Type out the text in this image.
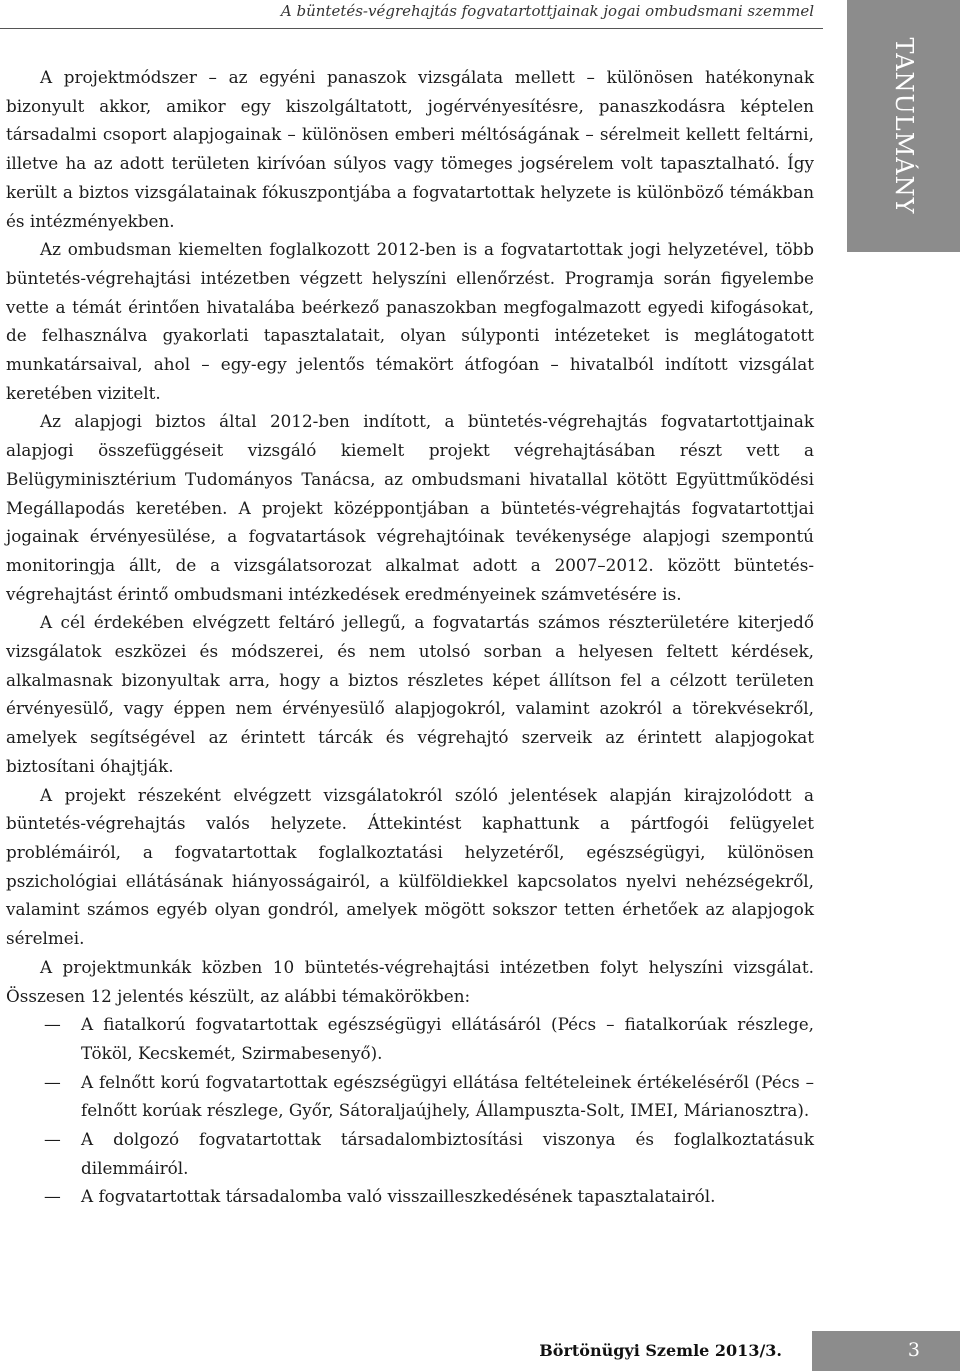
A büntetés-végrehajtás fogvatartottjainak jogai ombudsmani szemmel
TANULMÁNY

A projektmódszer – az egyéni panaszok vizsgálata mellett – különösen hatékonynak bizonyult akkor, amikor egy kiszolgáltatott, jogérvényesítésre, panaszkodásra képtelen társadalmi csoport alapjogainak – különösen emberi méltóságának – sérelmeit kellett feltárni, illetve ha az adott területen kirívóan súlyos vagy tömeges jogsérelem volt tapasztalható. Így került a biztos vizsgálatainak fókuszpontjába a fogvatartottak helyzete is különböző témákban és intézményekben.

Az ombudsman kiemelten foglalkozott 2012-ben is a fogvatartottak jogi helyzetével, több büntetés-végrehajtási intézetben végzett helyszíni ellenőrzést. Programja során figyelembe vette a témát érintően hivatalába beérkező panaszokban megfogalmazott egyedi kifogásokat, de felhasználva gyakorlati tapasztalatait, olyan súlyponti intézeteket is meglátogatott munkatársaival, ahol – egy-egy jelentős témakört átfogóan – hivatalból indított vizsgálat keretében vizitelt.

Az alapjogi biztos által 2012-ben indított, a büntetés-végrehajtás fogvatartottjainak alapjogi összefüggéseit vizsgáló kiemelt projekt végrehajtásában részt vett a Belügyminisztérium Tudományos Tanácsa, az ombudsmani hivatallal kötött Együttműködési Megállapodás keretében. A projekt középpontjában a büntetés-végrehajtás fogvatartottjai jogainak érvényesülése, a fogvatartások végrehajtóinak tevékenysége alapjogi szempontú monitoringja állt, de a vizsgálatsorozat alkalmat adott a 2007–2012. között büntetés-végrehajtást érintő ombudsmani intézkedések eredményeinek számvetésére is.

A cél érdekében elvégzett feltáró jellegű, a fogvatartás számos részterületére kiterjedő vizsgálatok eszközei és módszerei, és nem utolsó sorban a helyesen feltett kérdések, alkalmasnak bizonyultak arra, hogy a biztos részletes képet állítson fel a célzott területen érvényesülő, vagy éppen nem érvényesülő alapjogokról, valamint azokról a törekvésekről, amelyek segítségével az érintett tárcák és végrehajtó szerveik az érintett alapjogokat biztosítani óhajtják.

A projekt részeként elvégzett vizsgálatokról szóló jelentések alapján kirajzolódott a büntetés-végrehajtás valós helyzete. Áttekintést kaphattunk a pártfogói felügyelet problémáiról, a fogvatartottak foglalkoztatási helyzetéről, egészségügyi, különösen pszichológiai ellátásának hiányosságairól, a külföldiekkel kapcsolatos nyelvi nehézségekről, valamint számos egyéb olyan gondról, amelyek mögött sokszor tetten érhetőek az alapjogok sérelmei.

A projektmunkák közben 10 büntetés-végrehajtási intézetben folyt helyszíni vizsgálat. Összesen 12 jelentés készült, az alábbi témakörökben:

— A fiatalkorú fogvatartottak egészségügyi ellátásáról (Pécs – fiatalkorúak részlege, Tököl, Kecskemét, Szirmabesenyő).
— A felnőtt korú fogvatartottak egészségügyi ellátása feltételeinek értékeléséről (Pécs – felnőtt korúak részlege, Győr, Sátoraljaújhely, Állampuszta-Solt, IMEI, Márianosztra).
— A dolgozó fogvatartottak társadalombiztosítási viszonya és foglalkoztatásuk dilemmáiról.
— A fogvatartottak társadalomba való visszailleszkedésének tapasztalatairól.
Börtönügyi Szemle 2013/3.	3
